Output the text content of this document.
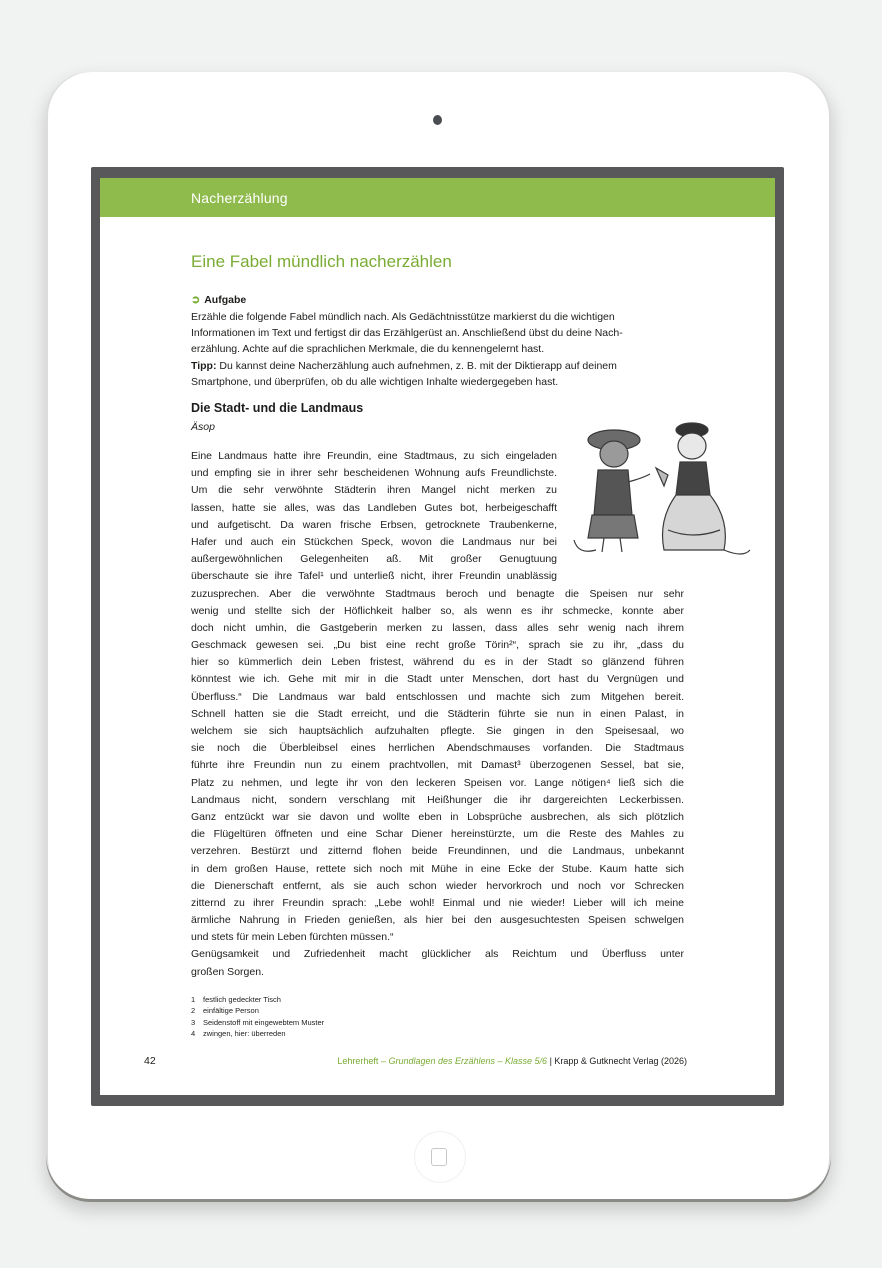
Nacherzählung
Eine Fabel mündlich nacherzählen
➲ Aufgabe
Erzähle die folgende Fabel mündlich nach. Als Gedächtnisstütze markierst du die wichtigen
Informationen im Text und fertigst dir das Erzählgerüst an. Anschließend übst du deine Nach-
erzählung. Achte auf die sprachlichen Merkmale, die du kennengelernt hast.
Tipp: Du kannst deine Nacherzählung auch aufnehmen, z. B. mit der Diktierapp auf deinem
Smartphone, und überprüfen, ob du alle wichtigen Inhalte wiedergegeben hast.
Die Stadt- und die Landmaus
Äsop
Eine Landmaus hatte ihre Freundin, eine Stadtmaus, zu sich eingeladen
und empfing sie in ihrer sehr bescheidenen Wohnung aufs Freundlichste.
Um die sehr verwöhnte Städterin ihren Mangel nicht merken zu
lassen, hatte sie alles, was das Landleben Gutes bot, herbeigeschafft
und aufgetischt. Da waren frische Erbsen, getrocknete Traubenkerne,
Hafer und auch ein Stückchen Speck, wovon die Landmaus nur bei
außergewöhnlichen Gelegenheiten aß. Mit großer Genugtuung
überschaute sie ihre Tafel¹ und unterließ nicht, ihrer Freundin unablässig
zuzusprechen. Aber die verwöhnte Stadtmaus beroch und benagte die Speisen nur sehr
wenig und stellte sich der Höflichkeit halber so, als wenn es ihr schmecke, konnte aber
doch nicht umhin, die Gastgeberin merken zu lassen, dass alles sehr wenig nach ihrem
Geschmack gewesen sei. „Du bist eine recht große Törin²“, sprach sie zu ihr, „dass du
hier so kümmerlich dein Leben fristest, während du es in der Stadt so glänzend führen
könntest wie ich. Gehe mit mir in die Stadt unter Menschen, dort hast du Vergnügen und
Überfluss.“ Die Landmaus war bald entschlossen und machte sich zum Mitgehen bereit.
Schnell hatten sie die Stadt erreicht, und die Städterin führte sie nun in einen Palast, in
welchem sie sich hauptsächlich aufzuhalten pflegte. Sie gingen in den Speisesaal, wo
sie noch die Überbleibsel eines herrlichen Abendschmauses vorfanden. Die Stadtmaus
führte ihre Freundin nun zu einem prachtvollen, mit Damast³ überzogenen Sessel, bat sie,
Platz zu nehmen, und legte ihr von den leckeren Speisen vor. Lange nötigen⁴ ließ sich die
Landmaus nicht, sondern verschlang mit Heißhunger die ihr dargereichten Leckerbissen.
Ganz entzückt war sie davon und wollte eben in Lobsprüche ausbrechen, als sich plötzlich
die Flügeltüren öffneten und eine Schar Diener hereinstürzte, um die Reste des Mahles zu
verzehren. Bestürzt und zitternd flohen beide Freundinnen, und die Landmaus, unbekannt
in dem großen Hause, rettete sich noch mit Mühe in eine Ecke der Stube. Kaum hatte sich
die Dienerschaft entfernt, als sie auch schon wieder hervorkroch und noch vor Schrecken
zitternd zu ihrer Freundin sprach: „Lebe wohl! Einmal und nie wieder! Lieber will ich meine
ärmliche Nahrung in Frieden genießen, als hier bei den ausgesuchtesten Speisen schwelgen
und stets für mein Leben fürchten müssen.“
Genügsamkeit und Zufriedenheit macht glücklicher als Reichtum und Überfluss unter
großen Sorgen.
1 festlich gedeckter Tisch
2 einfältige Person
3 Seidenstoff mit eingewebtem Muster
4 zwingen, hier: überreden
42	Lehrerheft – Grundlagen des Erzählens – Klasse 5/6 | Krapp & Gutknecht Verlag (2026)
